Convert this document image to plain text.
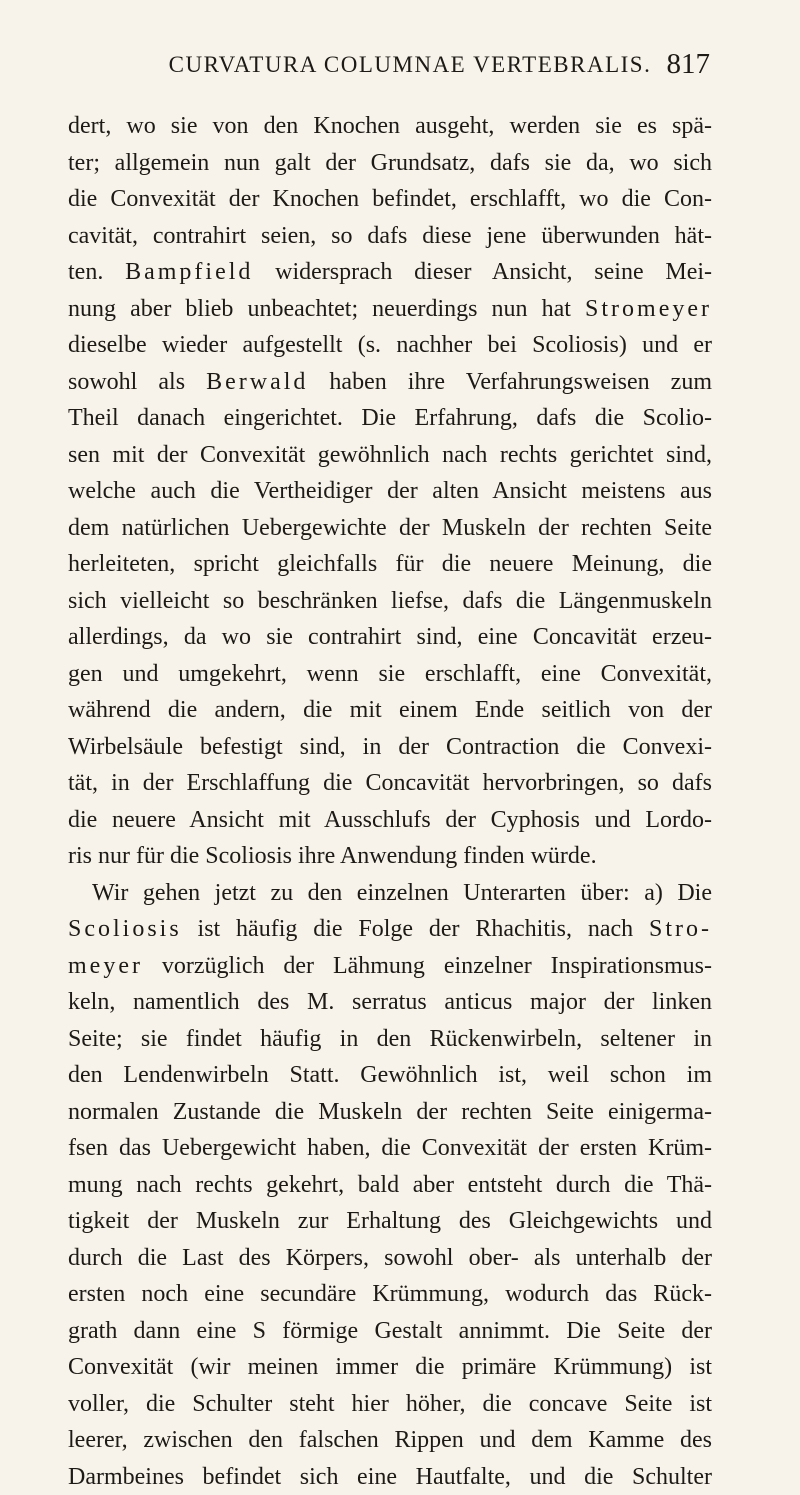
CURVATURA COLUMNAE VERTEBRALIS. 817
dert, wo sie von den Knochen ausgeht, werden sie es spä-
ter; allgemein nun galt der Grundsatz, dafs sie da, wo sich
die Convexität der Knochen befindet, erschlafft, wo die Con-
cavität, contrahirt seien, so dafs diese jene überwunden hät-
ten. Bampfield widersprach dieser Ansicht, seine Mei-
nung aber blieb unbeachtet; neuerdings nun hat Stromeyer
dieselbe wieder aufgestellt (s. nachher bei Scoliosis) und er
sowohl als Berwald haben ihre Verfahrungsweisen zum
Theil danach eingerichtet. Die Erfahrung, dafs die Scolio-
sen mit der Convexität gewöhnlich nach rechts gerichtet sind,
welche auch die Vertheidiger der alten Ansicht meistens aus
dem natürlichen Uebergewichte der Muskeln der rechten Seite
herleiteten, spricht gleichfalls für die neuere Meinung, die
sich vielleicht so beschränken liefse, dafs die Längenmuskeln
allerdings, da wo sie contrahirt sind, eine Concavität erzeu-
gen und umgekehrt, wenn sie erschlafft, eine Convexität,
während die andern, die mit einem Ende seitlich von der
Wirbelsäule befestigt sind, in der Contraction die Convexi-
tät, in der Erschlaffung die Concavität hervorbringen, so dafs
die neuere Ansicht mit Ausschlufs der Cyphosis und Lordo-
ris nur für die Scoliosis ihre Anwendung finden würde.
Wir gehen jetzt zu den einzelnen Unterarten über: a) Die
Scoliosis ist häufig die Folge der Rhachitis, nach Stro-
meyer vorzüglich der Lähmung einzelner Inspirationsmus-
keln, namentlich des M. serratus anticus major der linken
Seite; sie findet häufig in den Rückenwirbeln, seltener in
den Lendenwirbeln Statt. Gewöhnlich ist, weil schon im
normalen Zustande die Muskeln der rechten Seite einigerma-
fsen das Uebergewicht haben, die Convexität der ersten Krüm-
mung nach rechts gekehrt, bald aber entsteht durch die Thä-
tigkeit der Muskeln zur Erhaltung des Gleichgewichts und
durch die Last des Körpers, sowohl ober- als unterhalb der
ersten noch eine secundäre Krümmung, wodurch das Rück-
grath dann eine S förmige Gestalt annimmt. Die Seite der
Convexität (wir meinen immer die primäre Krümmung) ist
voller, die Schulter steht hier höher, die concave Seite ist
leerer, zwischen den falschen Rippen und dem Kamme des
Darmbeines befindet sich eine Hautfalte, und die Schulter
